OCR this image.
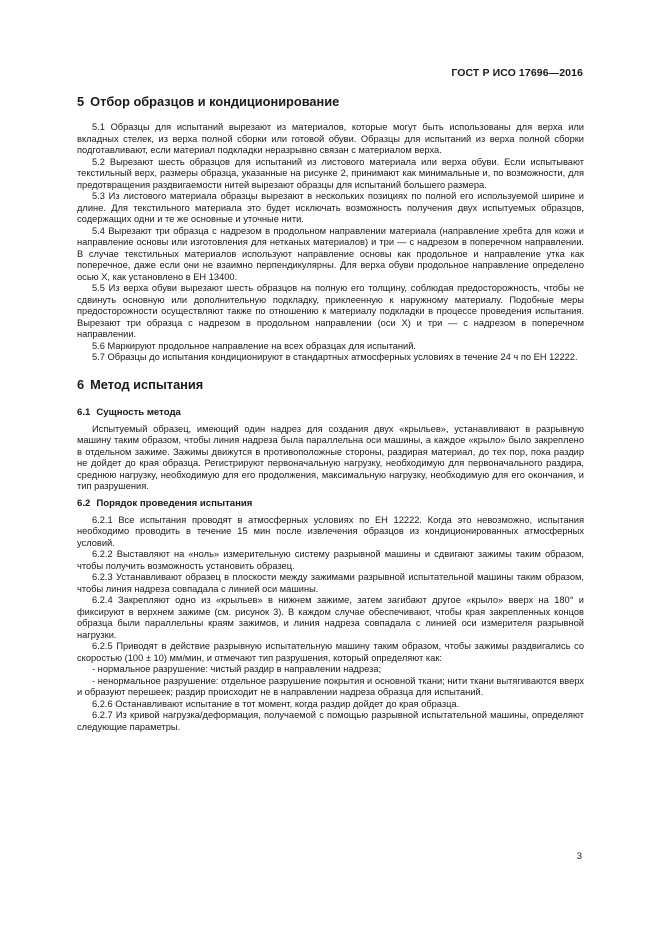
ГОСТ Р ИСО 17696—2016
5 Отбор образцов и кондиционирование

5.1 Образцы для испытаний вырезают из материалов, которые могут быть использованы для верха или вкладных стелек, из верха полной сборки или готовой обуви. Образцы для испытаний из верха полной сборки подготавливают, если материал подкладки неразрывно связан с материалом верха.

5.2 Вырезают шесть образцов для испытаний из листового материала или верха обуви. Если испытывают текстильный верх, размеры образца, указанные на рисунке 2, принимают как минимальные и, по возможности, для предотвращения раздвигаемости нитей вырезают образцы для испытаний большего размера.

5.3 Из листового материала образцы вырезают в нескольких позициях по полной его используемой ширине и длине. Для текстильного материала это будет исключать возможность получения двух испытуемых образцов, содержащих одни и те же основные и уточные нити.

5.4 Вырезают три образца с надрезом в продольном направлении материала (направление хребта для кожи и направление основы или изготовления для нетканых материалов) и три — с надрезом в поперечном направлении. В случае текстильных материалов используют направление основы как продольное и направление утка как поперечное, даже если они не взаимно перпендикулярны. Для верха обуви продольное направление определено осью X, как установлено в ЕН 13400.

5.5 Из верха обуви вырезают шесть образцов на полную его толщину, соблюдая предосторожность, чтобы не сдвинуть основную или дополнительную подкладку, приклеенную к наружному материалу. Подобные меры предосторожности осуществляют также по отношению к материалу подкладки в процессе проведения испытания. Вырезают три образца с надрезом в продольном направлении (оси X) и три — с надрезом в поперечном направлении.

5.6 Маркируют продольное направление на всех образцах для испытаний.

5.7 Образцы до испытания кондиционируют в стандартных атмосферных условиях в течение 24 ч по ЕН 12222.

6 Метод испытания
6.1 Сущность метода

Испытуемый образец, имеющий один надрез для создания двух «крыльев», устанавливают в разрывную машину таким образом, чтобы линия надреза была параллельна оси машины, а каждое «крыло» было закреплено в отдельном зажиме. Зажимы движутся в противоположные стороны, раздирая материал, до тех пор, пока раздир не дойдет до края образца. Регистрируют первоначальную нагрузку, необходимую для первоначального раздира, среднюю нагрузку, необходимую для его продолжения, максимальную нагрузку, необходимую для его окончания, и тип разрушения.

6.2 Порядок проведения испытания

6.2.1 Все испытания проводят в атмосферных условиях по ЕН 12222. Когда это невозможно, испытания необходимо проводить в течение 15 мин после извлечения образцов из кондиционированных атмосферных условий.

6.2.2 Выставляют на «ноль» измерительную систему разрывной машины и сдвигают зажимы таким образом, чтобы получить возможность установить образец.

6.2.3 Устанавливают образец в плоскости между зажимами разрывной испытательной машины таким образом, чтобы линия надреза совпадала с линией оси машины.

6.2.4 Закрепляют одно из «крыльев» в нижнем зажиме, затем загибают другое «крыло» вверх на 180° и фиксируют в верхнем зажиме (см. рисунок 3). В каждом случае обеспечивают, чтобы края закрепленных концов образца были параллельны краям зажимов, и линия надреза совпадала с линией оси измерителя разрывной нагрузки.

6.2.5 Приводят в действие разрывную испытательную машину таким образом, чтобы зажимы раздвигались со скоростью (100 ± 10) мм/мин, и отмечают тип разрушения, который определяют как:

- нормальное разрушение: чистый раздир в направлении надреза;

- ненормальное разрушение: отдельное разрушение покрытия и основной ткани; нити ткани вытягиваются вверх и образуют перешеек; раздир происходит не в направлении надреза образца для испытаний.

6.2.6 Останавливают испытание в тот момент, когда раздир дойдет до края образца.

6.2.7 Из кривой нагрузка/деформация, получаемой с помощью разрывной испытательной машины, определяют следующие параметры.

3
